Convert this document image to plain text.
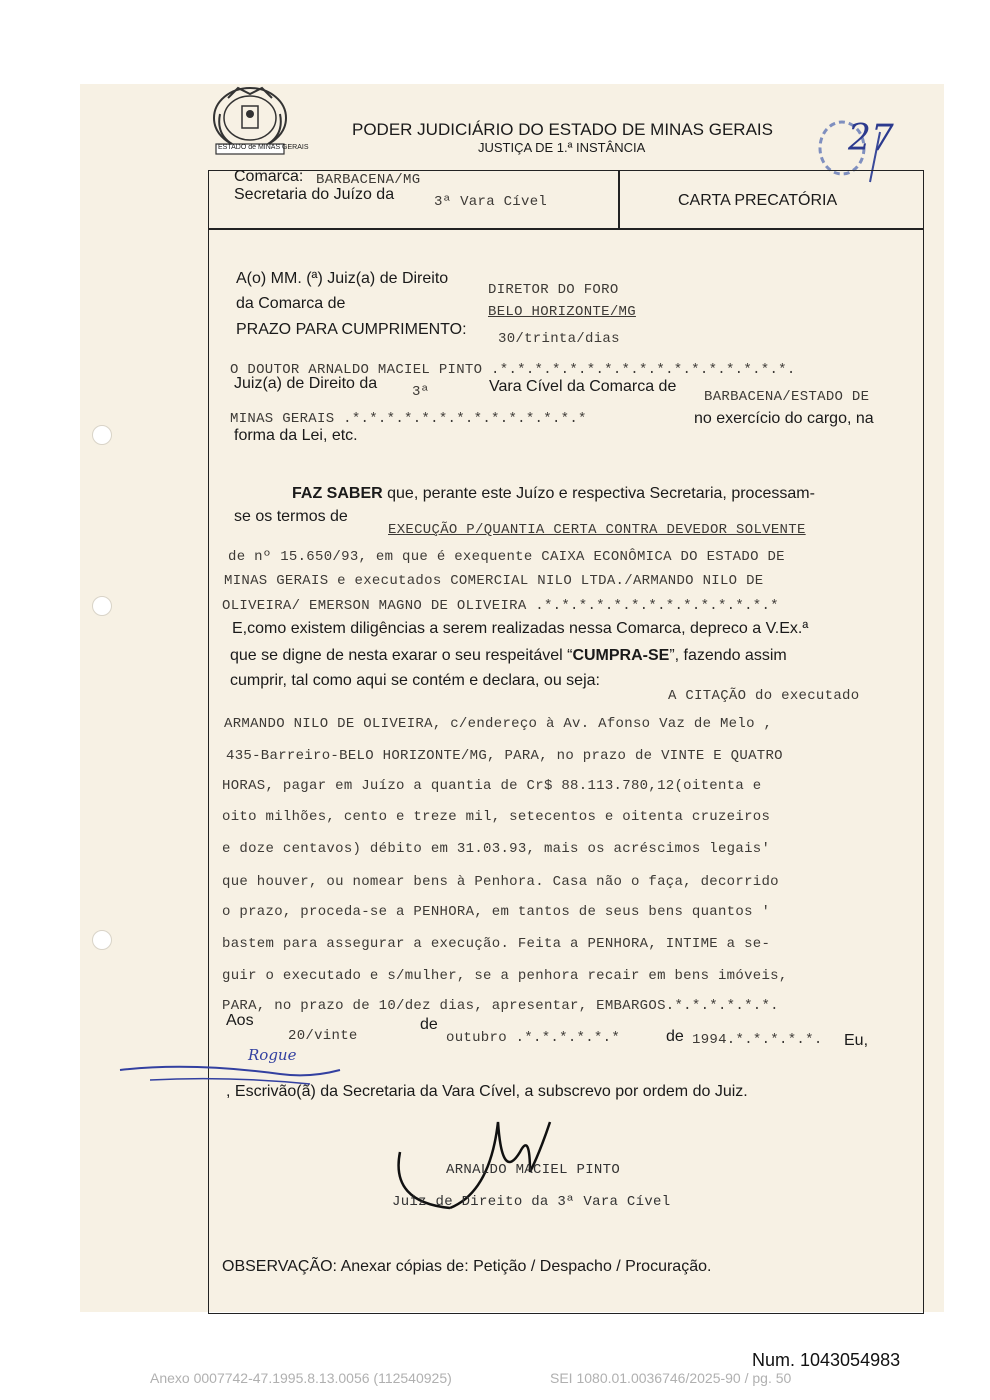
ESTADO de MINAS GERAIS
PODER JUDICIÁRIO DO ESTADO DE MINAS GERAIS
JUSTIÇA DE 1.ª INSTÂNCIA	27
Comarca: BARBACENA/MG
Secretaria do Juízo da	3ª Vara Cível	CARTA PRECATÓRIA
A(o) MM. (ª) Juiz(a) de Direito
DIRETOR DO FORO
da Comarca de	BELO HORIZONTE/MG
PRAZO PARA CUMPRIMENTO:
30/trinta/dias
O DOUTOR ARNALDO MACIEL PINTO .*.*.*.*.*.*.*.*.*.*.*.*.*.*.*.*.*.
Juiz(a) de Direito da 3ª	Vara Cível da Comarca de
BARBACENA/ESTADO DE
MINAS GERAIS .*.*.*.*.*.*.*.*.*.*.*.*.*.*	no exercício do cargo, na
forma da Lei, etc.
FAZ SABER que, perante este Juízo e respectiva Secretaria, processam-
se os termos de
EXECUÇÃO P/QUANTIA CERTA CONTRA DEVEDOR SOLVENTE
de nº 15.650/93, em que é exequente CAIXA ECONÔMICA DO ESTADO DE
MINAS GERAIS e executados COMERCIAL NILO LTDA./ARMANDO NILO DE
OLIVEIRA/ EMERSON MAGNO DE OLIVEIRA .*.*.*.*.*.*.*.*.*.*.*.*.*.*
E,como existem diligências a serem realizadas nessa Comarca, depreco a V.Ex.ª
que se digne de nesta exarar o seu respeitável “CUMPRA-SE”, fazendo assim
cumprir, tal como aqui se contém e declara, ou seja:
A CITAÇÃO do executado
ARMANDO NILO DE OLIVEIRA, c/endereço à Av. Afonso Vaz de Melo ,
435-Barreiro-BELO HORIZONTE/MG, PARA, no prazo de VINTE E QUATRO
HORAS, pagar em Juízo a quantia de Cr$ 88.113.780,12(oitenta e
oito milhões, cento e treze mil, setecentos e oitenta cruzeiros
e doze centavos) débito em 31.03.93, mais os acréscimos legais'
que houver, ou nomear bens à Penhora. Casa não o faça, decorrido
o prazo, proceda-se a PENHORA, em tantos de seus bens quantos '
bastem para assegurar a execução. Feita a PENHORA, INTIME a se-
guir o executado e s/mulher, se a penhora recair em bens imóveis,
PARA, no prazo de 10/dez dias, apresentar, EMBARGOS.*.*.*.*.*.*.
Aos
20/vinte
de
outubro .*.*.*.*.*.*	de 1994.*.*.*.*.*. Eu,
Rogue
, Escrivão(ã) da Secretaria da Vara Cível, a subscrevo por ordem do Juiz.
ARNALDO MACIEL PINTO
Juiz de Direito da 3ª Vara Cível
OBSERVAÇÃO: Anexar cópias de: Petição / Despacho / Procuração.
Num. 1043054983
Anexo 0007742-47.1995.8.13.0056 (112540925)	SEI 1080.01.0036746/2025-90 / pg. 50
